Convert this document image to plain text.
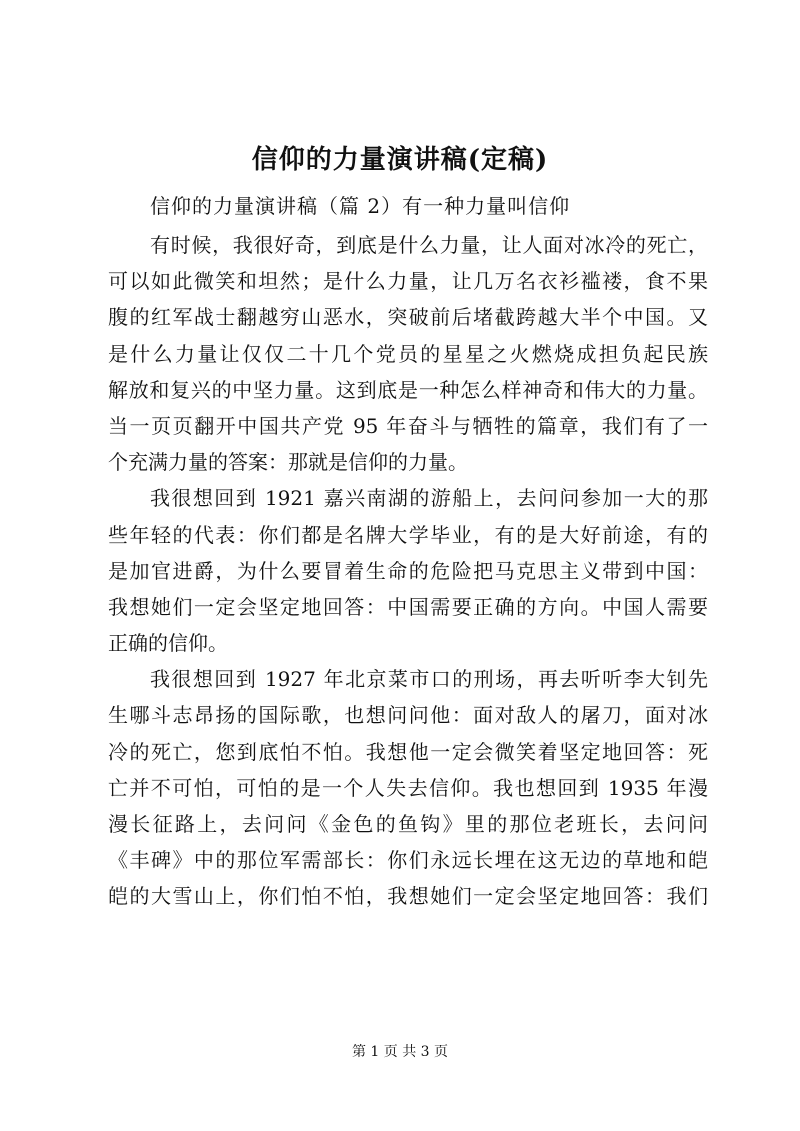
信仰的力量演讲稿(定稿)
信仰的力量演讲稿（篇 2）有一种力量叫信仰
有时候，我很好奇，到底是什么力量，让人面对冰冷的死亡，
可以如此微笑和坦然；是什么力量，让几万名衣衫褴褛，食不果
腹的红军战士翻越穷山恶水，突破前后堵截跨越大半个中国。又
是什么力量让仅仅二十几个党员的星星之火燃烧成担负起民族
解放和复兴的中坚力量。这到底是一种怎么样神奇和伟大的力量。
当一页页翻开中国共产党 95 年奋斗与牺牲的篇章，我们有了一
个充满力量的答案：那就是信仰的力量。
我很想回到 1921 嘉兴南湖的游船上，去问问参加一大的那
些年轻的代表：你们都是名牌大学毕业，有的是大好前途，有的
是加官进爵，为什么要冒着生命的危险把马克思主义带到中国：
我想她们一定会坚定地回答：中国需要正确的方向。中国人需要
正确的信仰。
我很想回到 1927 年北京菜市口的刑场，再去听听李大钊先
生哪斗志昂扬的国际歌，也想问问他：面对敌人的屠刀，面对冰
冷的死亡，您到底怕不怕。我想他一定会微笑着坚定地回答：死
亡并不可怕，可怕的是一个人失去信仰。我也想回到 1935 年漫
漫长征路上，去问问《金色的鱼钩》里的那位老班长，去问问
《丰碑》中的那位军需部长：你们永远长埋在这无边的草地和皑
皑的大雪山上，你们怕不怕，我想她们一定会坚定地回答：我们
第 1 页 共 3 页
